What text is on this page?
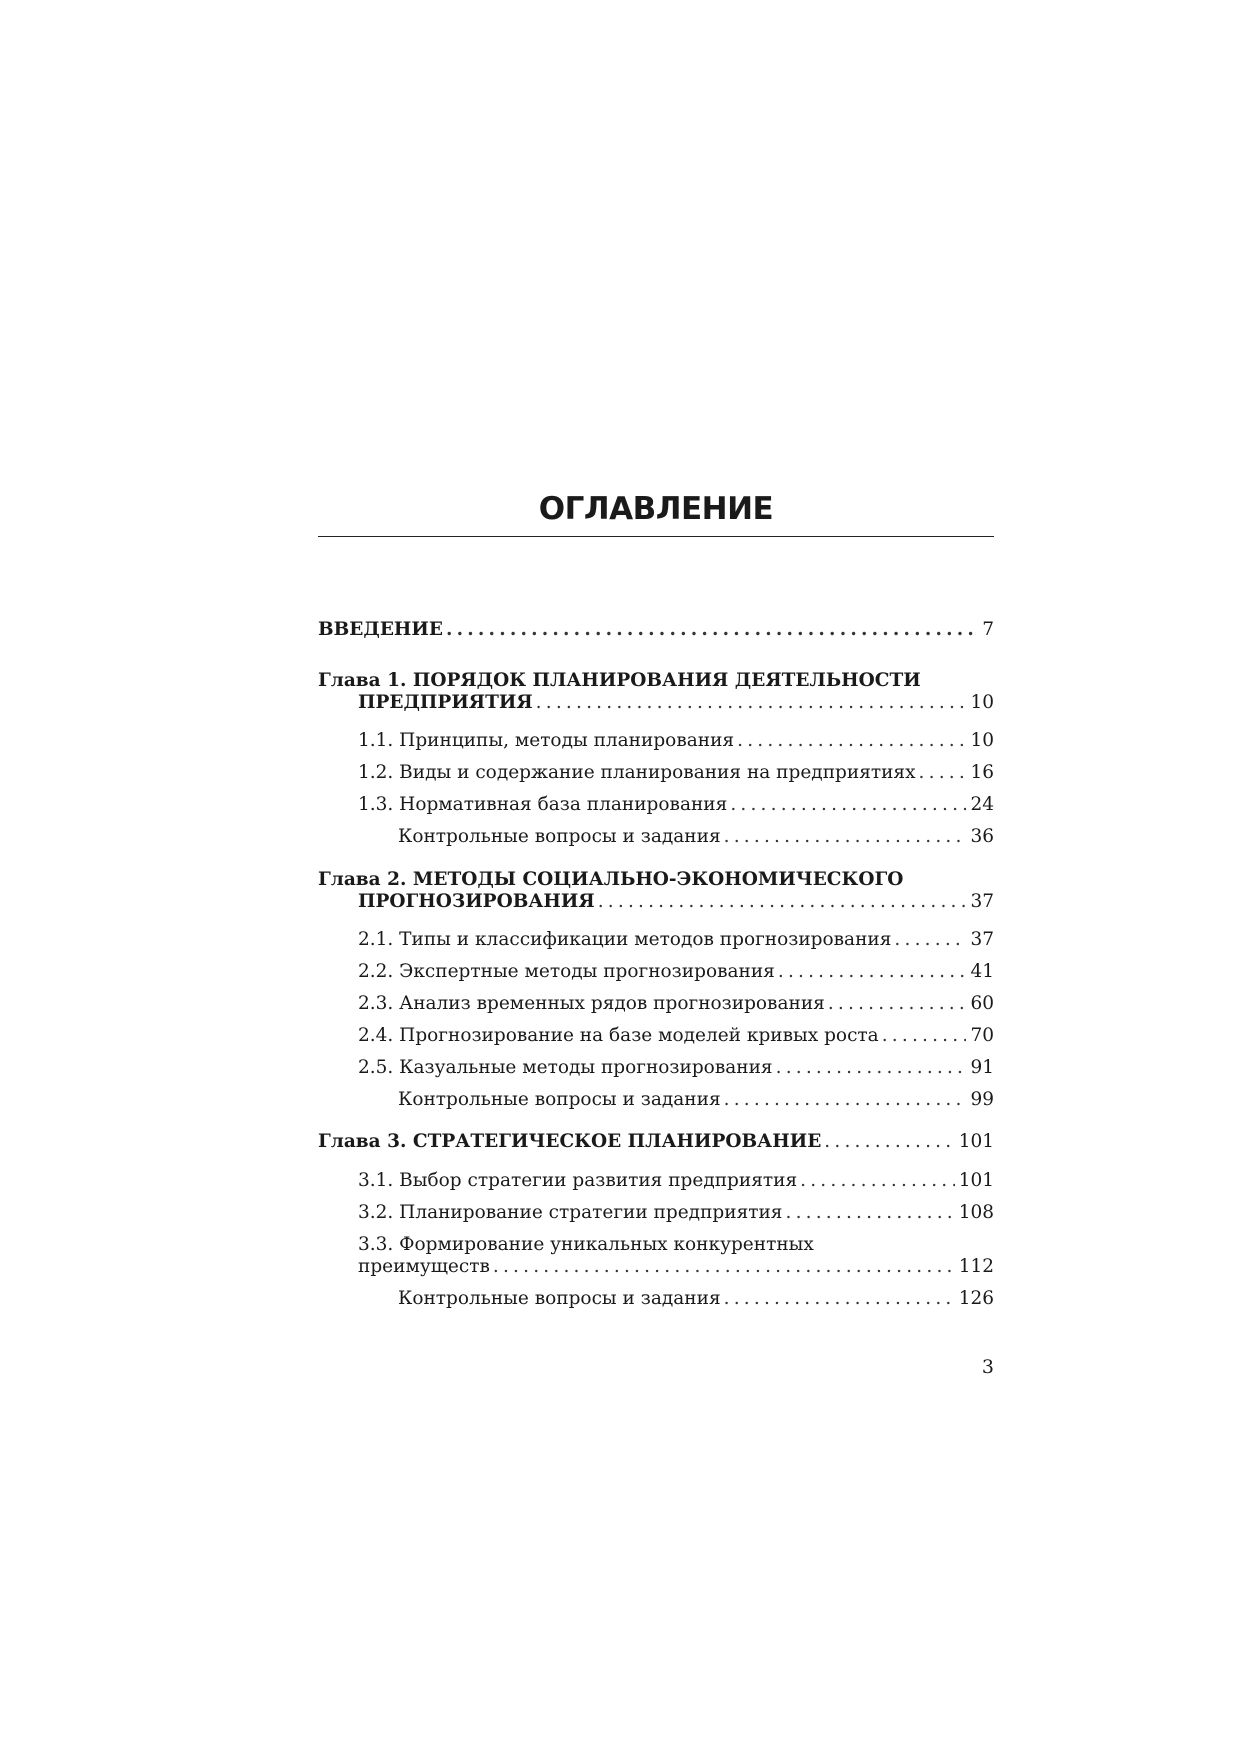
ОГЛАВЛЕНИЕ
ВВЕДЕНИЕ .....	7
Глава 1. ПОРЯДОК ПЛАНИРОВАНИЯ ДЕЯТЕЛЬНОСТИ
ПРЕДПРИЯТИЯ .....	10
1.1. Принципы, методы планирования .....	10
1.2. Виды и содержание планирования на предприятиях .....	16
1.3. Нормативная база планирования .....	24
Контрольные вопросы и задания .....	36
Глава 2. МЕТОДЫ СОЦИАЛЬНО-ЭКОНОМИЧЕСКОГО
ПРОГНОЗИРОВАНИЯ .....	37
2.1. Типы и классификации методов прогнозирования .....	37
2.2. Экспертные методы прогнозирования .....	41
2.3. Анализ временных рядов прогнозирования .....	60
2.4. Прогнозирование на базе моделей кривых роста .....	70
2.5. Казуальные методы прогнозирования .....	91
Контрольные вопросы и задания .....	99
Глава 3. СТРАТЕГИЧЕСКОЕ ПЛАНИРОВАНИЕ .....	101
3.1. Выбор стратегии развития предприятия .....	101
3.2. Планирование стратегии предприятия .....	108
3.3. Формирование уникальных конкурентных
преимуществ .....	112
Контрольные вопросы и задания .....	126
3
